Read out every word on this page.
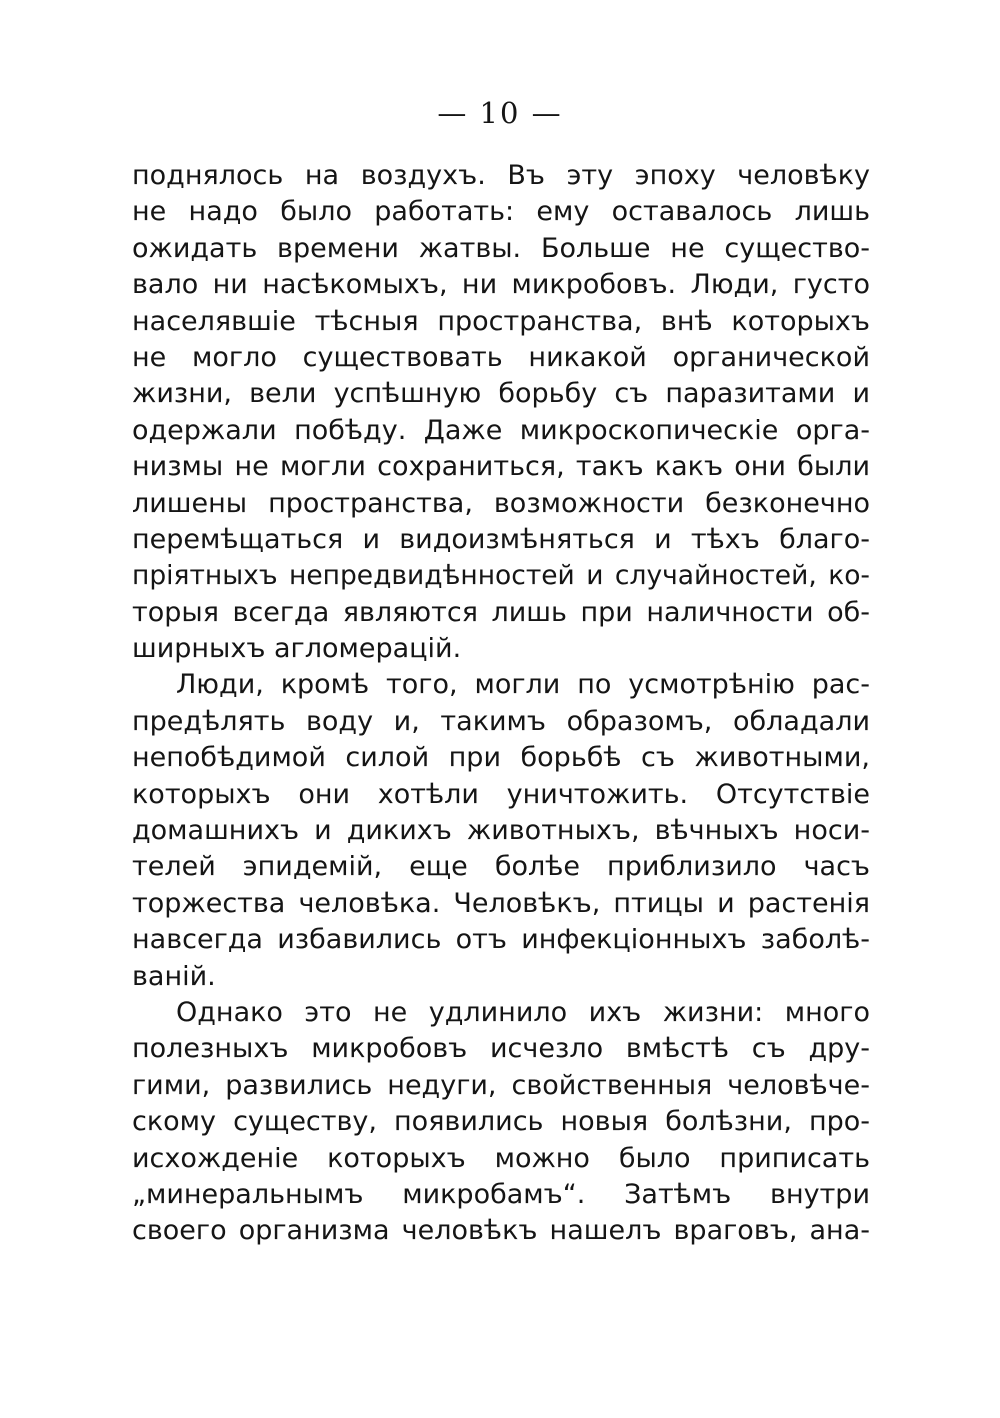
— 10 —
поднялось на воздухъ. Въ эту эпоху человѣку
не надо было работать: ему оставалось лишь
ожидать времени жатвы. Больше не существо-
вало ни насѣкомыхъ, ни микробовъ. Люди, густо
населявшіе тѣсныя пространства, внѣ которыхъ
не могло существовать никакой органической
жизни, вели успѣшную борьбу съ паразитами и
одержали побѣду. Даже микроскопическіе орга-
низмы не могли сохраниться, такъ какъ они были
лишены пространства, возможности безконечно
перемѣщаться и видоизмѣняться и тѣхъ благо-
пріятныхъ непредвидѣнностей и случайностей, ко-
торыя всегда являются лишь при наличности об-
ширныхъ агломерацій.
Люди, кромѣ того, могли по усмотрѣнію рас-
предѣлять воду и, такимъ образомъ, обладали
непобѣдимой силой при борьбѣ съ животными,
которыхъ они хотѣли уничтожить. Отсутствіе
домашнихъ и дикихъ животныхъ, вѣчныхъ носи-
телей эпидемій, еще болѣе приблизило часъ
торжества человѣка. Человѣкъ, птицы и растенія
навсегда избавились отъ инфекціонныхъ заболѣ-
ваній.
Однако это не удлинило ихъ жизни: много
полезныхъ микробовъ исчезло вмѣстѣ съ дру-
гими, развились недуги, свойственныя человѣче-
скому существу, появились новыя болѣзни, про-
исхожденіе которыхъ можно было приписать
„минеральнымъ микробамъ“. Затѣмъ внутри
своего организма человѣкъ нашелъ враговъ, ана-
